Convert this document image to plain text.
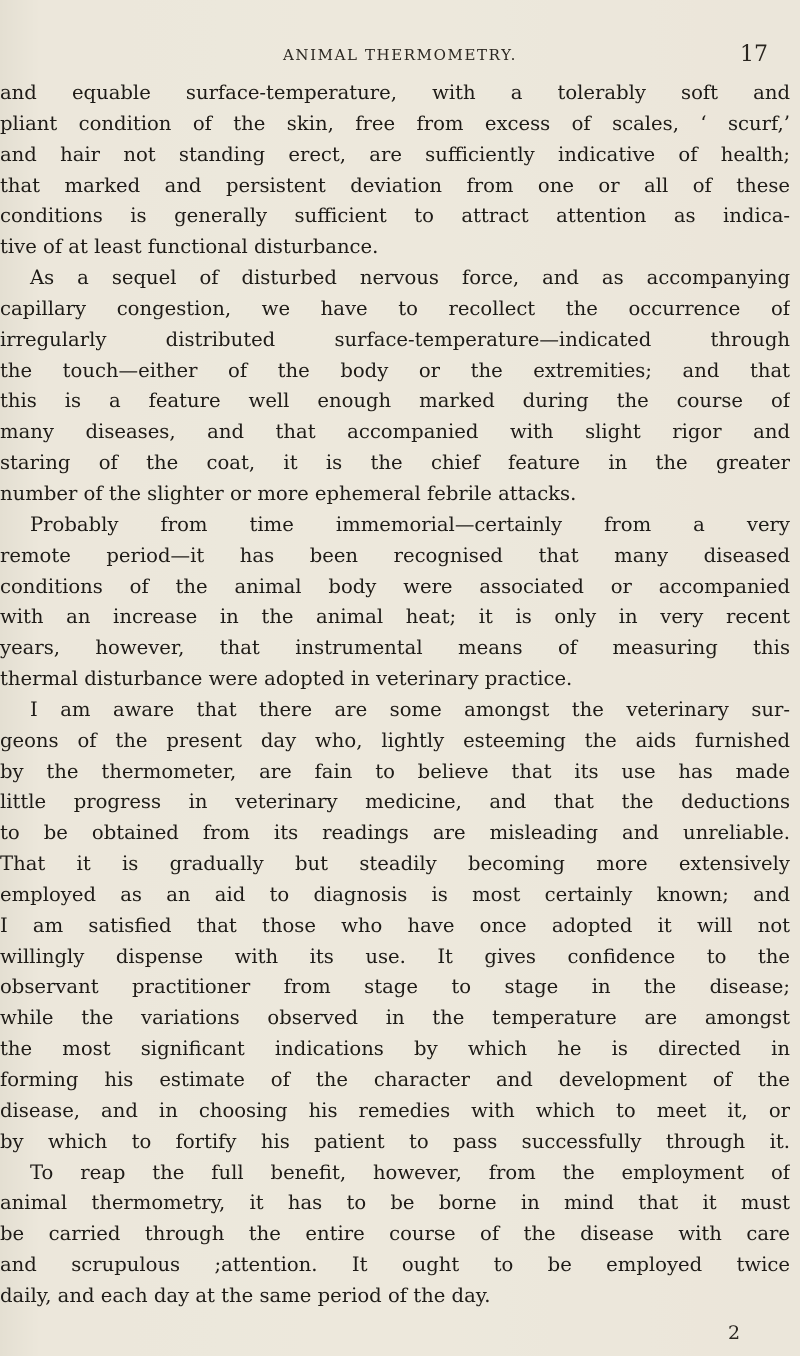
ANIMAL THERMOMETRY.	17
and equable surface-temperature, with a tolerably soft and
pliant condition of the skin, free from excess of scales, ‘ scurf,’
and hair not standing erect, are sufficiently indicative of health;
that marked and persistent deviation from one or all of these
conditions is generally sufficient to attract attention as indica-
tive of at least functional disturbance.
As a sequel of disturbed nervous force, and as accompanying
capillary congestion, we have to recollect the occurrence of
irregularly distributed surface-temperature—indicated through
the touch—either of the body or the extremities; and that
this is a feature well enough marked during the course of
many diseases, and that accompanied with slight rigor and
staring of the coat, it is the chief feature in the greater
number of the slighter or more ephemeral febrile attacks.
Probably from time immemorial—certainly from a very
remote period—it has been recognised that many diseased
conditions of the animal body were associated or accompanied
with an increase in the animal heat; it is only in very recent
years, however, that instrumental means of measuring this
thermal disturbance were adopted in veterinary practice.
I am aware that there are some amongst the veterinary sur-
geons of the present day who, lightly esteeming the aids furnished
by the thermometer, are fain to believe that its use has made
little progress in veterinary medicine, and that the deductions
to be obtained from its readings are misleading and unreliable.
That it is gradually but steadily becoming more extensively
employed as an aid to diagnosis is most certainly known; and
I am satisfied that those who have once adopted it will not
willingly dispense with its use. It gives confidence to the
observant practitioner from stage to stage in the disease;
while the variations observed in the temperature are amongst
the most significant indications by which he is directed in
forming his estimate of the character and development of the
disease, and in choosing his remedies with which to meet it, or
by which to fortify his patient to pass successfully through it.
To reap the full benefit, however, from the employment of
animal thermometry, it has to be borne in mind that it must
be carried through the entire course of the disease with care
and scrupulous ;attention. It ought to be employed twice
daily, and each day at the same period of the day.
2
